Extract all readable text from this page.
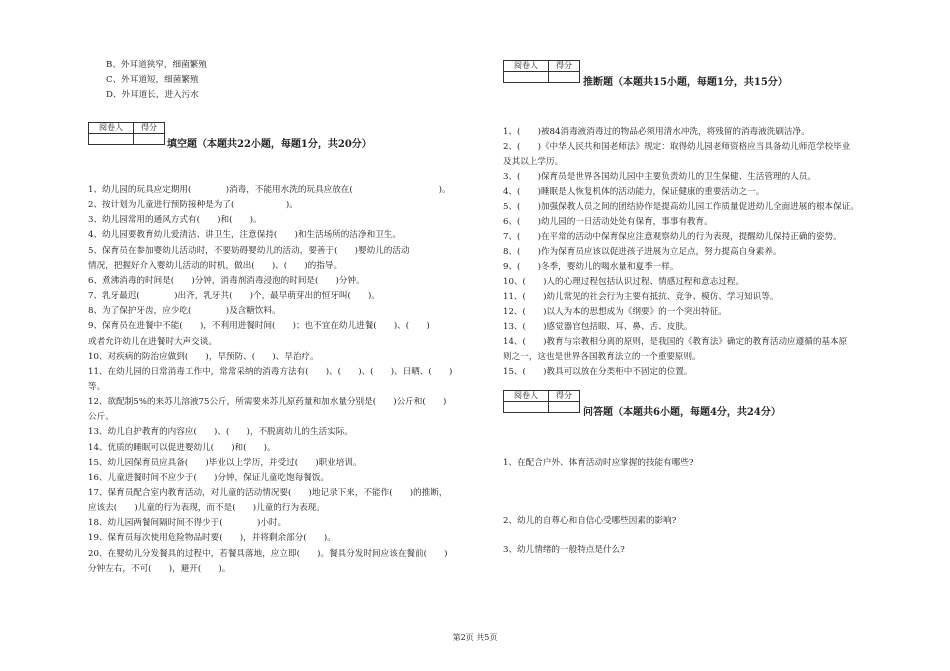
B、外耳道狭窄，细菌繁殖
C、外耳道短，细菌繁殖
D、外耳道长，进入污水
阅卷人	得分

填空题（本题共22小题，每题1分，共20分）
1、幼儿园的玩具应定期用(　　　　)消毒，不能用水洗的玩具应放在(　　　　　　　　　　)。
2、按计划为儿童进行预防接种是为了(　　　　　　)。
3、幼儿园常用的通风方式有(　　)和(　　)。
4、幼儿园要教育幼儿爱清洁、讲卫生，注意保持(　　)和生活场所的洁净和卫生。
5、保育员在参加婴幼儿活动时，不要妨碍婴幼儿的活动，要善于(　　)婴幼儿的活动
情况，把握好介入婴幼儿活动的时机，做出(　　)、(　　)的指导。
6、煮沸消毒的时间是(　　)分钟，消毒剂消毒浸泡的时间是(　　)分钟。
7、乳牙最迟(　　　　)出齐，乳牙共(　　)个，最早萌芽出的恒牙叫(　　)。
8、为了保护牙齿，应少吃(　　　　)及含糖饮料。
9、保育员在进餐中不能(　　)，不利用进餐时间(　　)；也不宜在幼儿进餐(　　)、(　　)
或者允许幼儿在进餐时大声交谈。
10、对疾病的防治应做到(　　)，早预防、(　　)、早治疗。
11、在幼儿园的日常消毒工作中，常常采纳的消毒方法有(　　)、(　　)、(　　)、日晒、(　　)
等。
12、欲配制5%的来苏儿溶液75公斤，所需要来苏儿原药量和加水量分别是(　　)公斤和(　　)
公斤。
13、幼儿自护教育的内容应(　　)、(　　)，不脱离幼儿的生活实际。
14、优质的睡眠可以促进婴幼儿(　　)和(　　)。
15、幼儿园保育员应具备(　　)毕业以上学历，并受过(　　)职业培训。
16、儿童进餐时间不应少于(　　)分钟，保证儿童吃饱每餐饭。
17、保育员配合室内教育活动，对儿童的活动情况要(　　)地记录下来，不能作(　　)的推断，
应该去(　　)儿童的行为表现，而不是(　　)儿童的行为表现。
18、幼儿园两餐间隔时间不得少于(　　　　)小时。
19、保育员每次使用危险物品时要(　　)，并将剩余部分(　　)。
20、在婴幼儿分发餐具的过程中，若餐具落地，应立即(　　)。餐具分发时间应该在餐前(　　)
分钟左右，不可(　　)，避开(　　)。
阅卷人	得分

推断题（本题共15小题，每题1分，共15分）
1、(　　)被84消毒液消毒过的物品必须用清水冲洗，将残留的消毒液洗刷洁净。
2、(　　)《中华人民共和国老师法》规定：取得幼儿园老师资格应当具备幼儿师范学校毕业
及其以上学历。
3、(　　)保育员是世界各国幼儿园中主要负责幼儿的卫生保健、生活管理的人员。
4、(　　)睡眠是人恢复机体的活动能力，保证健康的重要活动之一。
5、(　　)加强保教人员之间的团结协作是提高幼儿园工作质量促进幼儿全面进展的根本保证。
6、(　　)幼儿园的一日活动处处有保育，事事有教育。
7、(　　)在平常的活动中保育保应注意观察幼儿的行为表现，提醒幼儿保持正确的姿势。
8、(　　)作为保育员应该以促进孩子进展为立足点，努力提高自身素养。
9、(　　)冬季，婴幼儿的喝水量和夏季一样。
10、(　　)人的心理过程包括认识过程、情感过程和意志过程。
11、(　　)幼儿常见的社会行为主要有抵抗、竞争、模仿、学习知识等。
12、(　　)以人为本的思想成为《纲要》的一个突出特征。
13、(　　)感觉器官包括眼、耳、鼻、舌、皮肤。
14、(　　)教育与宗教相分离的原则，是我国的《教育法》确定的教育活动应遵循的基本原
则之一，这也是世界各国教育法立的一个重要原则。
15、(　　)教具可以放在分类柜中不固定的位置。
阅卷人	得分

问答题（本题共6小题，每题4分，共24分）
1、在配合户外、体育活动时应掌握的技能有哪些?
2、幼儿的自尊心和自信心受哪些因素的影响?
3、幼儿情绪的一般特点是什么?
第2页 共5页
